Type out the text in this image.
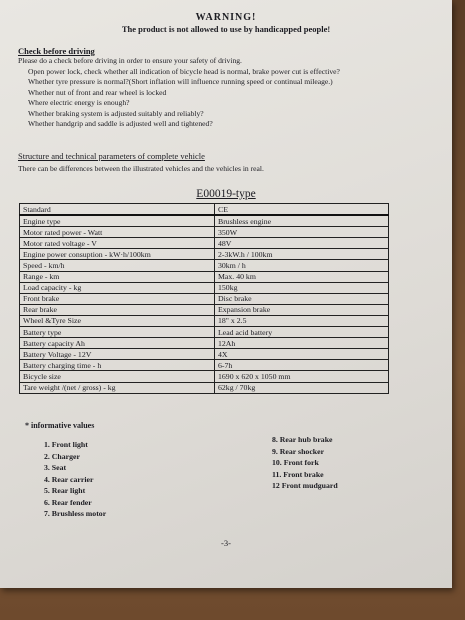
WARNING!
The product is not allowed to use by handicapped people!
Check before driving
Please do a check before driving in order to ensure your safety of driving.
Open power lock, check whether all indication of bicycle head is normal, brake power cut is effective?
Whether tyre pressure is normal?(Short inflation will influence running speed or continual mileage.)
Whether nut of front and rear wheel is locked
Where electric energy is enough?
Whether braking system is adjusted suitably and reliably?
Whether handgrip and saddle is adjusted well and tightened?
Structure and technical parameters of complete vehicle
There can be differences between the illustrated vehicles and the vehicles in real.
E00019-type
Standard	CE
Engine type	Brushless engine
Motor rated power - Watt	350W
Motor rated voltage - V	48V
Engine power consuption - kW·h/100km	2-3kW.h / 100km
Speed - km/h	30km / h
Range - km	Max. 40 km
Load capacity - kg	150kg
Front brake	Disc brake
Rear brake	Expansion brake
Wheel &Tyre Size	18" x 2.5
Battery type	Lead acid battery
Battery capacity Ah	12Ah
Battery Voltage - 12V	4X
Battery charging time - h	6-7h
Bicycle size	1690 x 620 x 1050 mm
Tare weight /(net / gross) - kg	62kg / 70kg
* informative values
1. Front light
2. Charger
3. Seat
4. Rear carrier
5. Rear light
6. Rear fender
7. Brushless motor
8. Rear hub brake
9. Rear shocker
10. Front fork
11. Front brake
12 Front mudguard
-3-
